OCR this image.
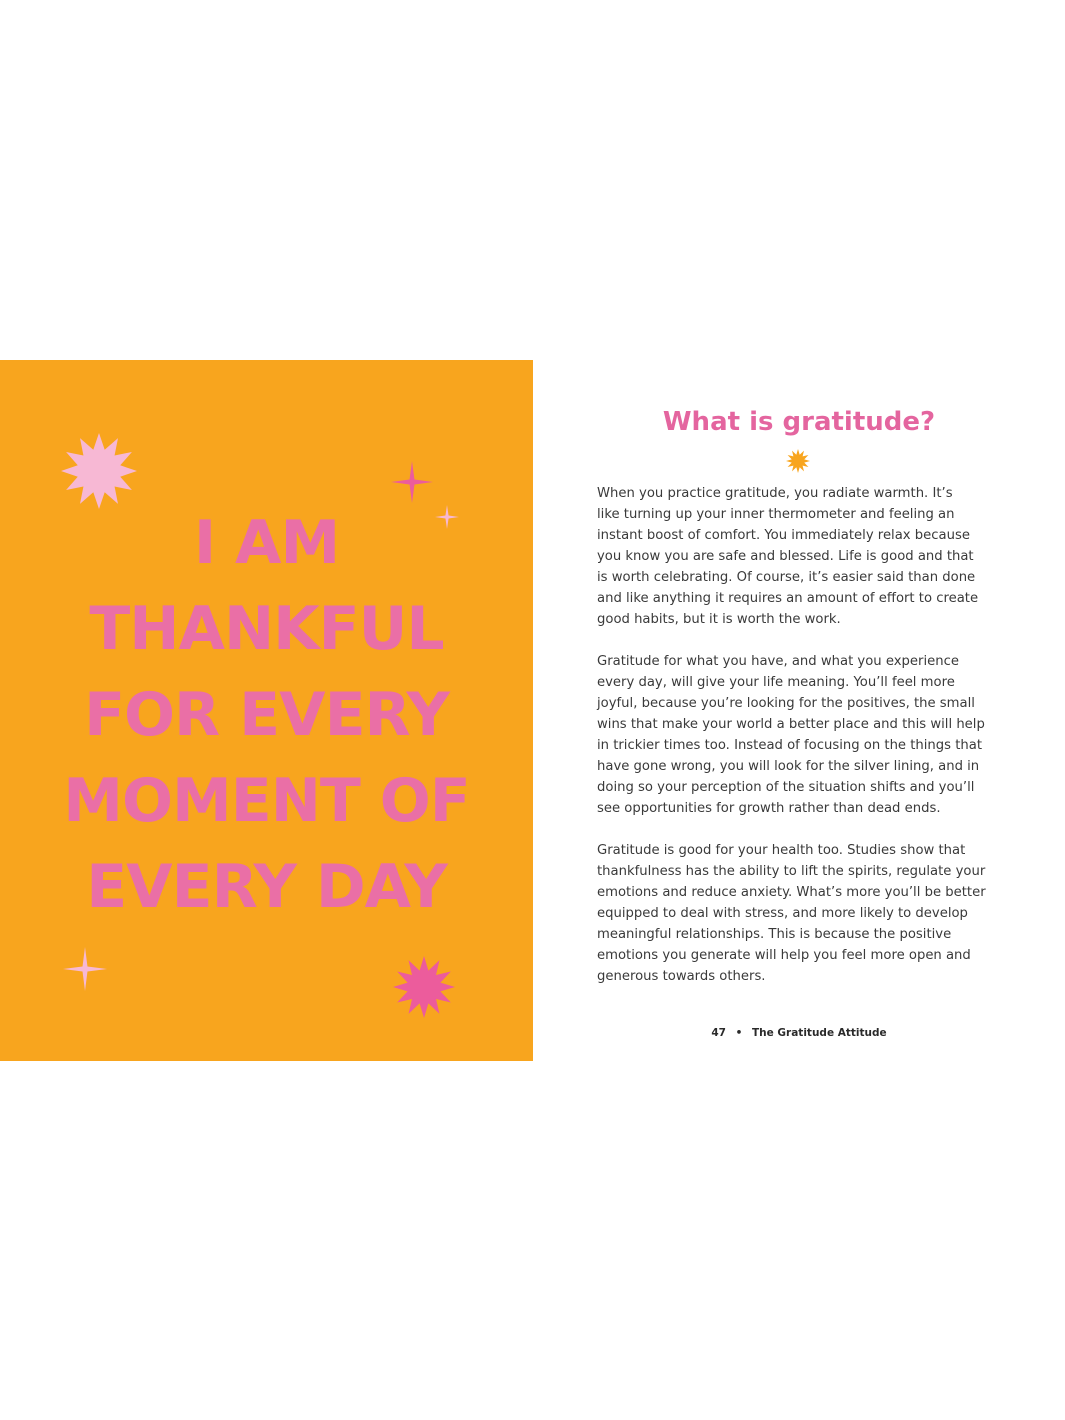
I AM
THANKFUL
FOR EVERY
MOMENT OF
EVERY DAY
What is gratitude?
When you practice gratitude, you radiate warmth. It’s
like turning up your inner thermometer and feeling an
instant boost of comfort. You immediately relax because
you know you are safe and blessed. Life is good and that
is worth celebrating. Of course, it’s easier said than done
and like anything it requires an amount of effort to create
good habits, but it is worth the work.
Gratitude for what you have, and what you experience
every day, will give your life meaning. You’ll feel more
joyful, because you’re looking for the positives, the small
wins that make your world a better place and this will help
in trickier times too. Instead of focusing on the things that
have gone wrong, you will look for the silver lining, and in
doing so your perception of the situation shifts and you’ll
see opportunities for growth rather than dead ends.
Gratitude is good for your health too. Studies show that
thankfulness has the ability to lift the spirits, regulate your
emotions and reduce anxiety. What’s more you’ll be better
equipped to deal with stress, and more likely to develop
meaningful relationships. This is because the positive
emotions you generate will help you feel more open and
generous towards others.
47 • The Gratitude Attitude
